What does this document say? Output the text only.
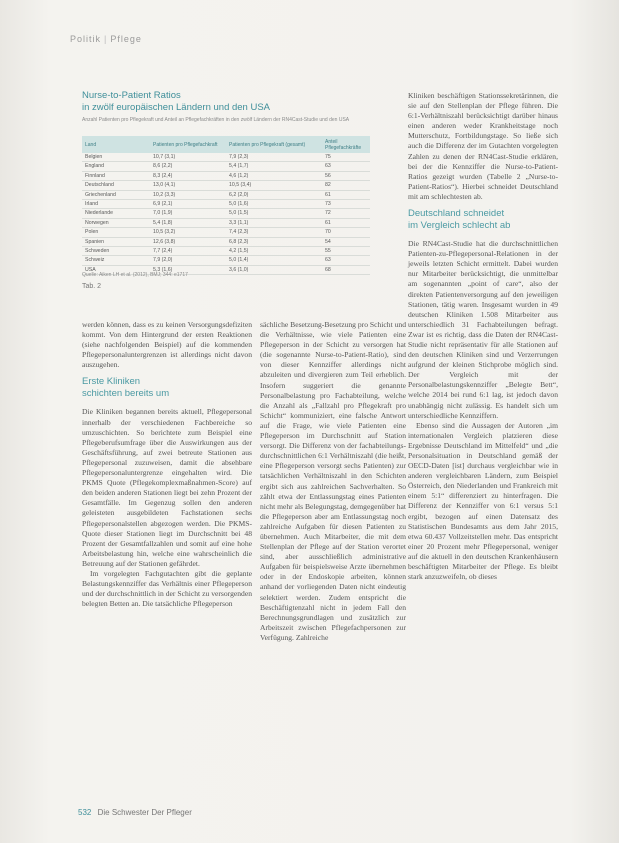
Politik | Pflege
Nurse-to-Patient Ratios
in zwölf europäischen Ländern und den USA
Anzahl Patienten pro Pflegekraft und Anteil an Pflegefachkräften in den zwölf Ländern der RN4Cast-Studie und den USA
Land	Patienten pro Pflegefachkraft	Patienten pro Pflegekraft (gesamt)	Anteil Pflegefachkräfte
Belgien	10,7 (3,1)	7,9 (2,3)	75
England	8,6 (2,2)	5,4 (1,7)	63
Finnland	8,3 (2,4)	4,6 (1,2)	56
Deutschland	13,0 (4,1)	10,5 (3,4)	82
Griechenland	10,2 (3,3)	6,2 (2,0)	61
Irland	6,9 (2,1)	5,0 (1,6)	73
Niederlande	7,0 (1,9)	5,0 (1,5)	72
Norwegen	5,4 (1,8)	3,3 (1,1)	61
Polen	10,5 (3,2)	7,4 (2,3)	70
Spanien	12,6 (3,8)	6,8 (2,3)	54
Schweden	7,7 (2,4)	4,2 (1,5)	55
Schweiz	7,9 (2,0)	5,0 (1,4)	63
USA	5,3 (1,6)	3,6 (1,0)	68
Quelle: Aiken LH et al. (2012), BMJ; 344: e1717
Tab. 2

werden können, dass es zu keinen Versorgungsdefiziten kommt. Von dem Hintergrund der ersten Reaktionen (siehe nachfolgenden Beispiel) auf die kommenden Pflegepersonaluntergrenzen ist allerdings nicht davon auszugehen.

Erste Kliniken
schichten bereits um

Die Kliniken begannen bereits aktuell, Pflegepersonal innerhalb der verschiedenen Fachbereiche so umzuschichten. So berichtete zum Beispiel eine Pflegeberufsumfrage über die Auswirkungen aus der Geschäftsführung, auf zwei betreute Stationen aus Pflegepersonal zuzuweisen, damit die absehbare Pflegepersonaluntergrenze eingehalten wird. Die PKMS Quote (Pflegekomplexmaßnahmen-Score) auf den beiden anderen Stationen liegt bei zehn Prozent der Gesamtfälle. Im Gegenzug sollen den anderen geleisteten ausgebildeten Fachstationen sechs Pflegepersonalstellen abgezogen werden. Die PKMS-Quote dieser Stationen liegt im Durchschnitt bei 48 Prozent der Gesamtfallzahlen und somit auf eine hohe Arbeitsbelastung hin, welche eine wahrscheinlich die Betreuung auf der Stationen gefährdet.

Im vorgelegten Fachgutachten gibt die geplante Belastungskennziffer das Verhältnis einer Pflegeperson und der durchschnittlich in der Schicht zu versorgenden belegten Betten an. Die tatsächliche Pflegeperson

sächliche Besetzung-Besetzung pro Schicht und die Verhältnisse, wie viele Patienten eine Pflegeperson in der Schicht zu versorgen hat (die sogenannte Nurse-to-Patient-Ratio), sind von dieser Kennziffer allerdings nicht abzuleiten und divergieren zum Teil erheblich. Insofern suggeriert die genannte Personalbelastung pro Fachabteilung, welche die Anzahl als „Fallzahl pro Pflegekraft pro Schicht“ kommuniziert, eine falsche Antwort auf die Frage, wie viele Patienten eine Pflegeperson im Durchschnitt auf Station versorgt. Die Differenz von der fachabteilungs-durchschnittlichen 6:1 Verhältniszahl (die heißt, eine Pflegeperson versorgt sechs Patienten) zur tatsächlichen Verhältniszahl in den Schichten ergibt sich aus zahlreichen Sachverhalten. So zählt etwa der Entlassungstag eines Patienten nicht mehr als Belegungstag, demgegenüber hat die Pflegeperson aber am Entlassungstag noch zahlreiche Aufgaben für diesen Patienten zu übernehmen. Auch Mitarbeiter, die mit dem Stellenplan der Pflege auf der Station verortet sind, aber ausschließlich administrative Aufgaben für beispielsweise Arzte übernehmen oder in der Endoskopie arbeiten, können anhand der vorliegenden Daten nicht eindeutig selektiert werden. Zudem entspricht die Beschäftigtenzahl nicht in jedem Fall den Berechnungsgrundlagen und zusätzlich zur Arbeitszeit zwischen Pflegefachpersonen zur Verfügung. Zahlreiche

Kliniken beschäftigen Stationssekretärinnen, die sie auf den Stellenplan der Pflege führen. Die 6:1-Verhältniszahl berücksichtigt darüber hinaus einen anderen weder Krankheitstage noch Mutterschutz, Fortbildungstage. So ließe sich auch die Differenz der im Gutachten vorgelegten Zahlen zu denen der RN4Cast-Studie erklären, bei der die Kennziffer die Nurse-to-Patient-Ratios gezeigt wurden (Tabelle 2 „Nurse-to-Patient-Ratios“). Hierbei schneidet Deutschland mit am schlechtesten ab.

Deutschland schneidet
im Vergleich schlecht ab

Die RN4Cast-Studie hat die durchschnittlichen Patienten-zu-Pflegepersonal-Relationen in der jeweils letzten Schicht ermittelt. Dabei wurden nur Mitarbeiter berücksichtigt, die unmittelbar am sogenannten „point of care“, also der direkten Patientenversorgung auf den jeweiligen Stationen, tätig waren. Insgesamt wurden in 49 deutschen Kliniken 1.508 Mitarbeiter aus unterschiedlich 31 Fachabteilungen befragt. Zwar ist es richtig, dass die Daten der RN4Cast-Studie nicht repräsentativ für alle Stationen auf den deutschen Kliniken sind und Verzerrungen aufgrund der kleinen Stichprobe möglich sind. Der Vergleich mit der Personalbelastungskennziffer „Belegte Bett“, welche 2014 bei rund 6:1 lag, ist jedoch davon unabhängig nicht zulässig. Es handelt sich um unterschiedliche Kennziffern.

Ebenso sind die Aussagen der Autoren „im internationalen Vergleich platzieren diese Ergebnisse Deutschland im Mittelfeld“ und „die Personalsituation in Deutschland gemäß der OECD-Daten [ist] durchaus vergleichbar wie in anderen vergleichbaren Ländern, zum Beispiel Österreich, den Niederlanden und Frankreich mit einem 5:1“ differenziert zu hinterfragen. Die Differenz der Kennziffer von 6:1 versus 5:1 ergibt, bezogen auf einen Datensatz des Statistischen Bundesamts aus dem Jahr 2015, etwa 60.437 Vollzeitstellen mehr. Das entspricht einer 20 Prozent mehr Pflegepersonal, weniger auf die aktuell in den deutschen Krankenhäusern beschäftigten Mitarbeiter der Pflege. Es bleibt stark anzuzweifeln, ob dieses

532 Die Schwester Der Pfleger
